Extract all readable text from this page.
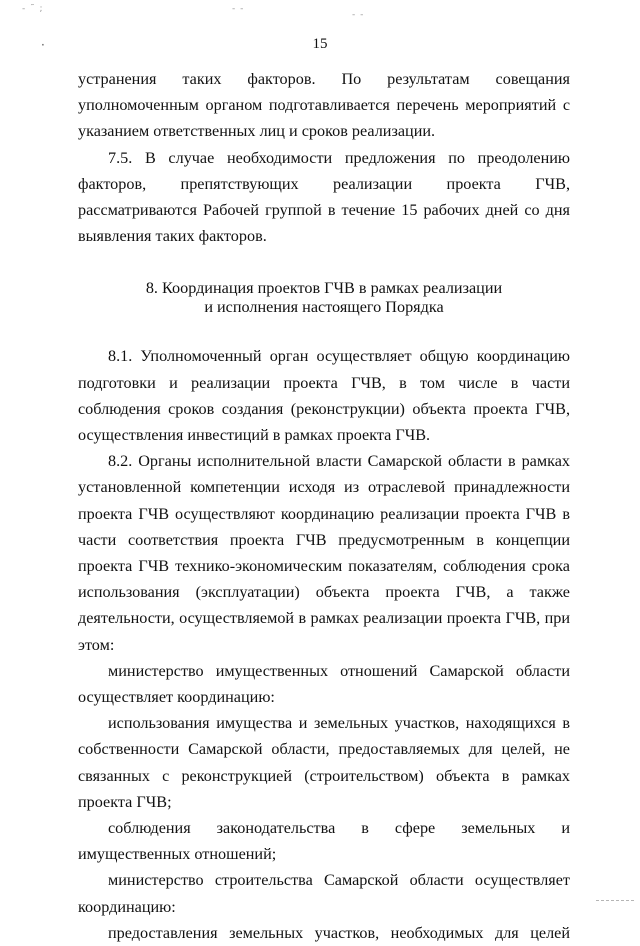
‑ ˜ ;	‑ ‑
‑ ‑
·	15

устранения таких факторов. По результатам совещания уполномоченным органом подготавливается перечень мероприятий с указанием ответственных лиц и сроков реализации.

7.5. В случае необходимости предложения по преодолению факторов, препятствующих реализации проекта ГЧВ, рассматриваются Рабочей группой в течение 15 рабочих дней со дня выявления таких факторов.

8. Координация проектов ГЧВ в рамках реализации
и исполнения настоящего Порядка

8.1. Уполномоченный орган осуществляет общую координацию подготовки и реализации проекта ГЧВ, в том числе в части соблюдения сроков создания (реконструкции) объекта проекта ГЧВ, осуществления инвестиций в рамках проекта ГЧВ.

8.2. Органы исполнительной власти Самарской области в рамках установленной компетенции исходя из отраслевой принадлежности проекта ГЧВ осуществляют координацию реализации проекта ГЧВ в части соответствия проекта ГЧВ предусмотренным в концепции проекта ГЧВ технико-экономическим показателям, соблюдения срока использования (эксплуатации) объекта проекта ГЧВ, а также деятельности, осуществляемой в рамках реализации проекта ГЧВ, при этом:

министерство имущественных отношений Самарской области осуществляет координацию:

использования имущества и земельных участков, находящихся в собственности Самарской области, предоставляемых для целей, не связанных с реконструкцией (строительством) объекта в рамках проекта ГЧВ;

соблюдения законодательства в сфере земельных и имущественных отношений;

министерство строительства Самарской области осуществляет координацию:

предоставления земельных участков, необходимых для целей
